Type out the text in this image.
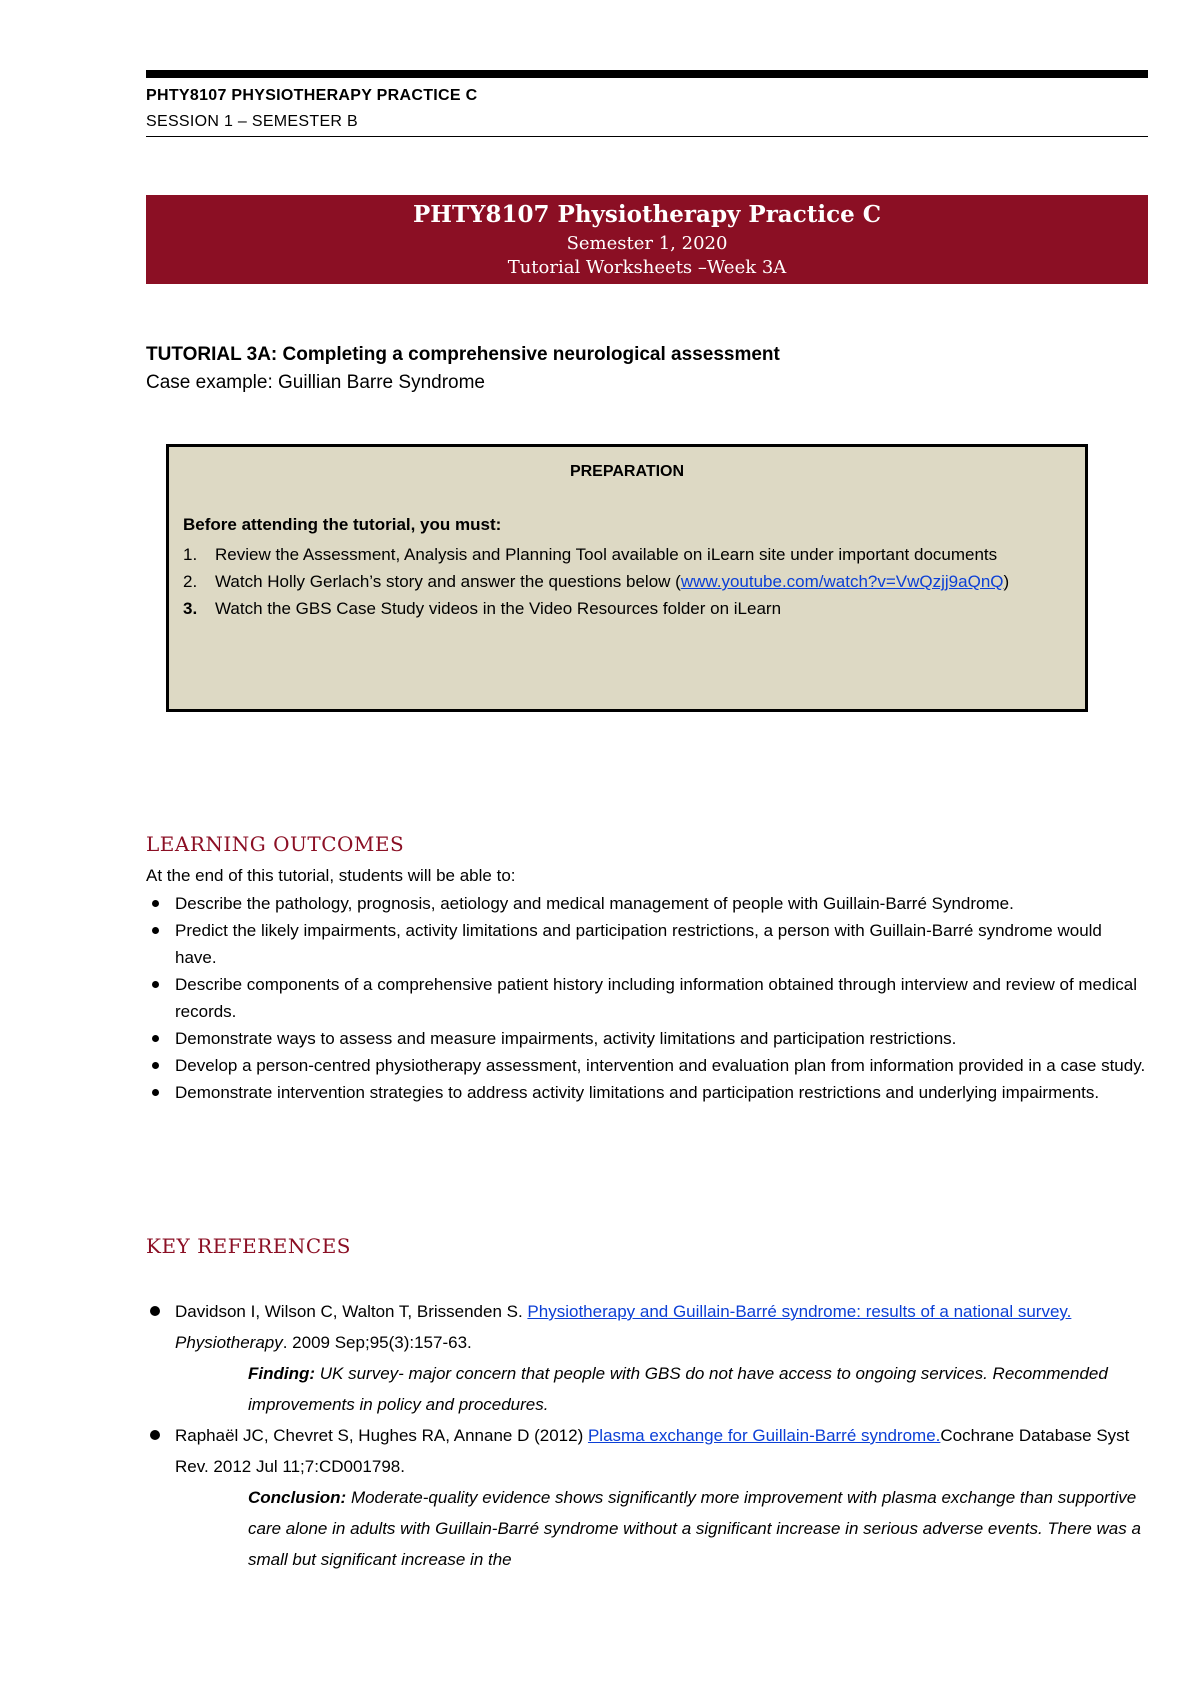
PHTY8107 PHYSIOTHERAPY PRACTICE C
SESSION 1 – SEMESTER B
PHTY8107 Physiotherapy Practice C
Semester 1, 2020
Tutorial Worksheets –Week 3A
TUTORIAL 3A: Completing a comprehensive neurological assessment
Case example: Guillian Barre Syndrome
PREPARATION
Before attending the tutorial, you must:
1. Review the Assessment, Analysis and Planning Tool available on iLearn site under important documents
2. Watch Holly Gerlach’s story and answer the questions below (www.youtube.com/watch?v=VwQzjj9aQnQ)
3. Watch the GBS Case Study videos in the Video Resources folder on iLearn
LEARNING OUTCOMES
At the end of this tutorial, students will be able to:
Describe the pathology, prognosis, aetiology and medical management of people with Guillain-Barré Syndrome.
Predict the likely impairments, activity limitations and participation restrictions, a person with Guillain-Barré syndrome would have.
Describe components of a comprehensive patient history including information obtained through interview and review of medical records.
Demonstrate ways to assess and measure impairments, activity limitations and participation restrictions.
Develop a person-centred physiotherapy assessment, intervention and evaluation plan from information provided in a case study.
Demonstrate intervention strategies to address activity limitations and participation restrictions and underlying impairments.
KEY REFERENCES
Davidson I, Wilson C, Walton T, Brissenden S. Physiotherapy and Guillain-Barré syndrome: results of a national survey. Physiotherapy. 2009 Sep;95(3):157-63.
Finding: UK survey- major concern that people with GBS do not have access to ongoing services. Recommended improvements in policy and procedures.
Raphaël JC, Chevret S, Hughes RA, Annane D (2012) Plasma exchange for Guillain-Barré syndrome.Cochrane Database Syst Rev. 2012 Jul 11;7:CD001798.
Conclusion: Moderate-quality evidence shows significantly more improvement with plasma exchange than supportive care alone in adults with Guillain-Barré syndrome without a significant increase in serious adverse events. There was a small but significant increase in the
